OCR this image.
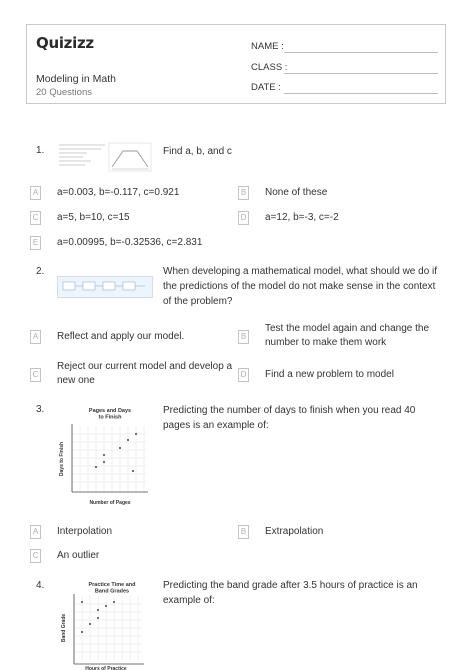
Quizizz
Modeling in Math
20 Questions
NAME :
CLASS :
DATE :
1.	Find a, b, and c
A a=0.003, b=-0.117, c=0.921	B None of these
C a=5, b=10, c=15	D a=12, b=-3, c=-2
E a=0.00995, b=-0.32536, c=2.831
2.	When developing a mathematical model, what should we do if the predictions of the model do not make sense in the context of the problem?
A Reflect and apply our model.	B
Test the model again and change the number to make them work
C
Reject our current model and develop a new one
D Find a new problem to model
3.	Pages and Days to Finish
Days to Finish
Number of Pages
Predicting the number of days to finish when you read 40 pages is an example of:
A Interpolation	B Extrapolation
C An outlier
4.	Practice Time and Band Grades
Band Grade
Hours of Practice
Predicting the band grade after 3.5 hours of practice is an example of:
